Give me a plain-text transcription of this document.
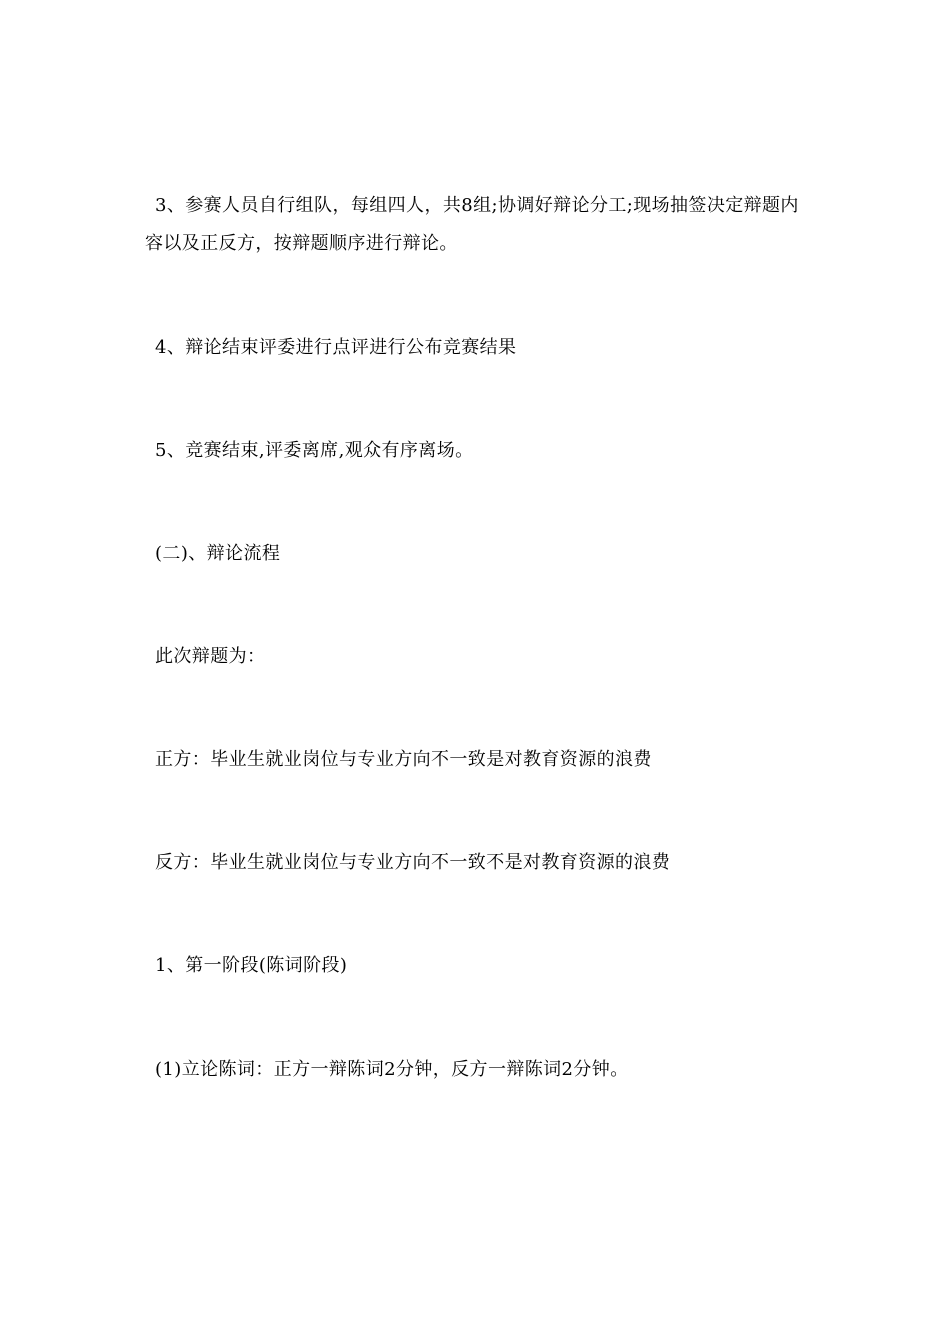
3、参赛人员自行组队，每组四人，共8组;协调好辩论分工;现场抽签决定辩题内容以及正反方，按辩题顺序进行辩论。

4、辩论结束评委进行点评进行公布竞赛结果

5、竞赛结束,评委离席,观众有序离场。

(二)、辩论流程

此次辩题为：

正方：毕业生就业岗位与专业方向不一致是对教育资源的浪费

反方：毕业生就业岗位与专业方向不一致不是对教育资源的浪费

1、第一阶段(陈词阶段)

(1)立论陈词：正方一辩陈词2分钟，反方一辩陈词2分钟。
